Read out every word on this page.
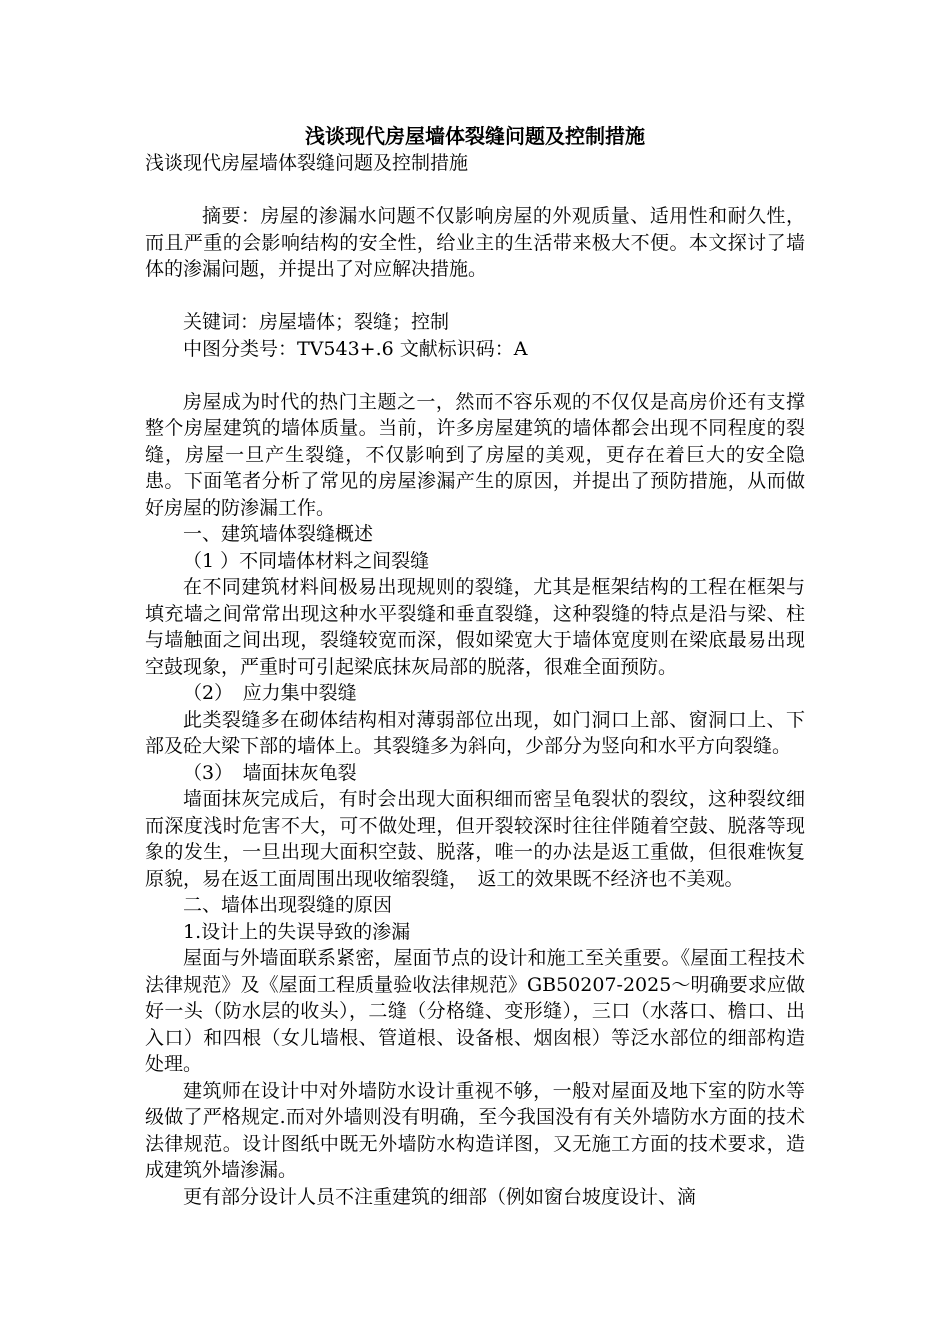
浅谈现代房屋墙体裂缝问题及控制措施

浅谈现代房屋墙体裂缝问题及控制措施

摘要：房屋的渗漏水问题不仅影响房屋的外观质量、适用性和耐久性，而且严重的会影响结构的安全性，给业主的生活带来极大不便。本文探讨了墙体的渗漏问题，并提出了对应解决措施。

关键词：房屋墙体；裂缝；控制

中图分类号：TV543+.6 文献标识码：A

房屋成为时代的热门主题之一，然而不容乐观的不仅仅是高房价还有支撑整个房屋建筑的墙体质量。当前，许多房屋建筑的墙体都会出现不同程度的裂缝，房屋一旦产生裂缝，不仅影响到了房屋的美观，更存在着巨大的安全隐患。下面笔者分析了常见的房屋渗漏产生的原因，并提出了预防措施，从而做好房屋的防渗漏工作。

一、建筑墙体裂缝概述

（1 ）不同墙体材料之间裂缝

在不同建筑材料间极易出现规则的裂缝，尤其是框架结构的工程在框架与填充墙之间常常出现这种水平裂缝和垂直裂缝，这种裂缝的特点是沿与梁、柱与墙触面之间出现，裂缝较宽而深，假如梁宽大于墙体宽度则在梁底最易出现空鼓现象，严重时可引起梁底抹灰局部的脱落，很难全面预防。

（2）　应力集中裂缝

此类裂缝多在砌体结构相对薄弱部位出现，如门洞口上部、窗洞口上、下部及砼大梁下部的墙体上。其裂缝多为斜向，少部分为竖向和水平方向裂缝。

（3）　墙面抹灰龟裂

墙面抹灰完成后，有时会出现大面积细而密呈龟裂状的裂纹，这种裂纹细而深度浅时危害不大，可不做处理，但开裂较深时往往伴随着空鼓、脱落等现象的发生，一旦出现大面积空鼓、脱落，唯一的办法是返工重做，但很难恢复原貌，易在返工面周围出现收缩裂缝，　返工的效果既不经济也不美观。

二、墙体出现裂缝的原因

1.设计上的失误导致的渗漏

屋面与外墙面联系紧密，屋面节点的设计和施工至关重要。《屋面工程技术法律规范》及《屋面工程质量验收法律规范》GB50207-2025～明确要求应做好一头（防水层的收头），二缝（分格缝、变形缝），三口（水落口、檐口、出入口）和四根（女儿墙根、管道根、设备根、烟囱根）等泛水部位的细部构造处理。

建筑师在设计中对外墙防水设计重视不够，一般对屋面及地下室的防水等级做了严格规定.而对外墙则没有明确，至今我国没有有关外墙防水方面的技术法律规范。设计图纸中既无外墙防水构造详图，又无施工方面的技术要求，造成建筑外墙渗漏。

更有部分设计人员不注重建筑的细部（例如窗台坡度设计、滴
